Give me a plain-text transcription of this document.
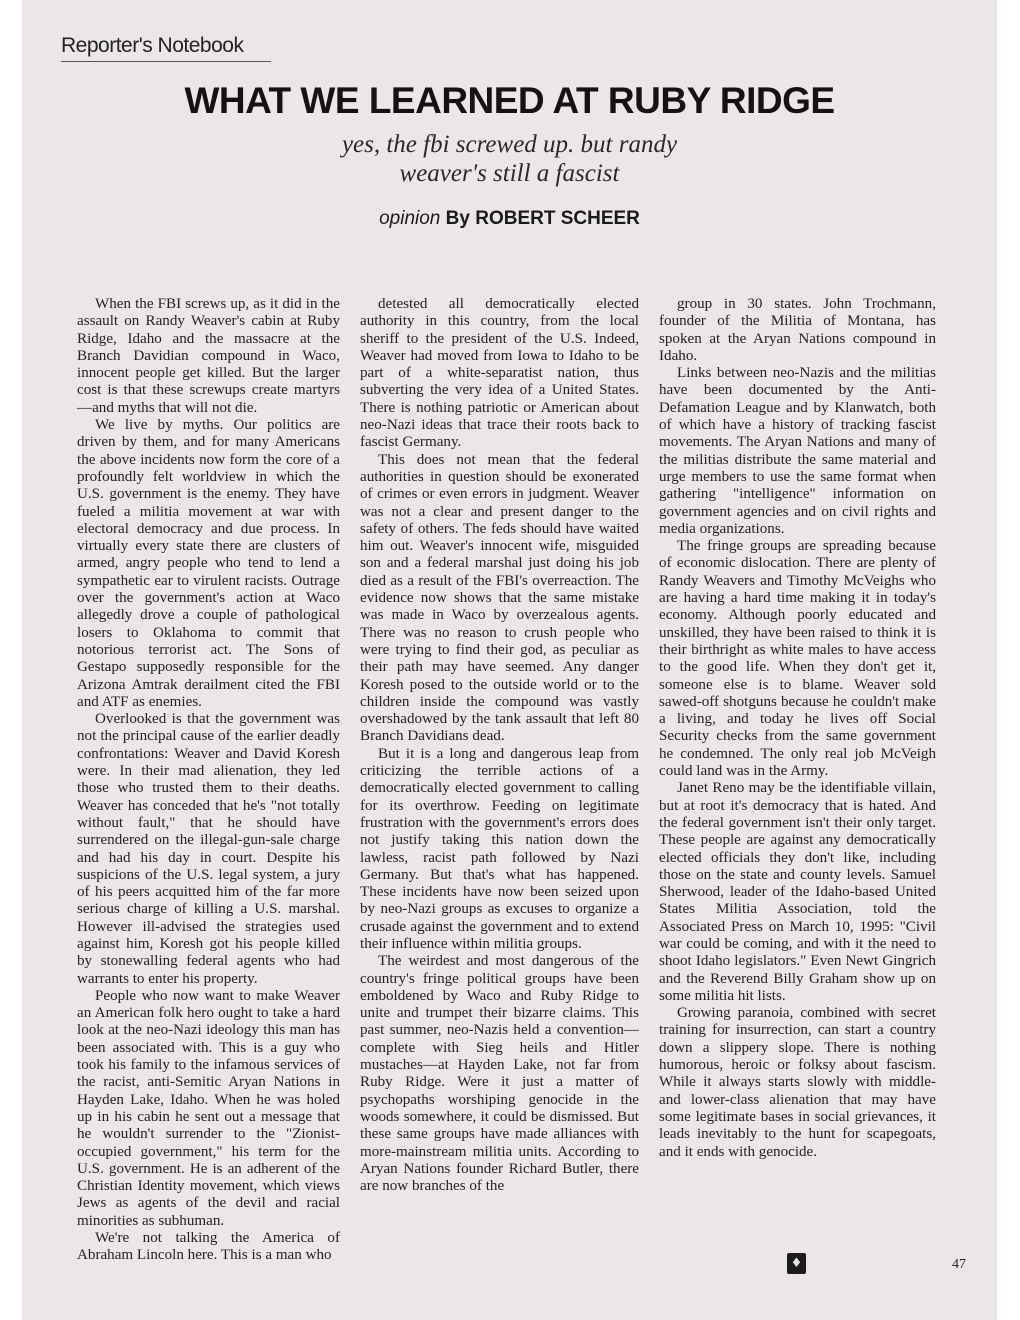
Reporter's Notebook
WHAT WE LEARNED AT RUBY RIDGE
yes, the fbi screwed up. but randy
weaver's still a fascist
opinion By ROBERT SCHEER

When the FBI screws up, as it did in the assault on Randy Weaver's cabin at Ruby Ridge, Idaho and the massacre at the Branch Davidian compound in Waco, innocent people get killed. But the larger cost is that these screwups create martyrs—and myths that will not die.

We live by myths. Our politics are driven by them, and for many Americans the above incidents now form the core of a profoundly felt worldview in which the U.S. government is the enemy. They have fueled a militia movement at war with electoral democracy and due process. In virtually every state there are clusters of armed, angry people who tend to lend a sympathetic ear to virulent racists. Outrage over the government's action at Waco allegedly drove a couple of pathological losers to Oklahoma to commit that notorious terrorist act. The Sons of Gestapo supposedly responsible for the Arizona Amtrak derailment cited the FBI and ATF as enemies.

Overlooked is that the government was not the principal cause of the earlier deadly confrontations: Weaver and David Koresh were. In their mad alienation, they led those who trusted them to their deaths. Weaver has conceded that he's "not totally without fault," that he should have surrendered on the illegal-gun-sale charge and had his day in court. Despite his suspicions of the U.S. legal system, a jury of his peers acquitted him of the far more serious charge of killing a U.S. marshal. However ill-advised the strategies used against him, Koresh got his people killed by stonewalling federal agents who had warrants to enter his property.

People who now want to make Weaver an American folk hero ought to take a hard look at the neo-Nazi ideology this man has been associated with. This is a guy who took his family to the infamous services of the racist, anti-Semitic Aryan Nations in Hayden Lake, Idaho. When he was holed up in his cabin he sent out a message that he wouldn't surrender to the "Zionist-occupied government," his term for the U.S. government. He is an adherent of the Christian Identity movement, which views Jews as agents of the devil and racial minorities as subhuman.

We're not talking the America of Abraham Lincoln here. This is a man who

detested all democratically elected authority in this country, from the local sheriff to the president of the U.S. Indeed, Weaver had moved from Iowa to Idaho to be part of a white-separatist nation, thus subverting the very idea of a United States. There is nothing patriotic or American about neo-Nazi ideas that trace their roots back to fascist Germany.

This does not mean that the federal authorities in question should be exonerated of crimes or even errors in judgment. Weaver was not a clear and present danger to the safety of others. The feds should have waited him out. Weaver's innocent wife, misguided son and a federal marshal just doing his job died as a result of the FBI's overreaction. The evidence now shows that the same mistake was made in Waco by overzealous agents. There was no reason to crush people who were trying to find their god, as peculiar as their path may have seemed. Any danger Koresh posed to the outside world or to the children inside the compound was vastly overshadowed by the tank assault that left 80 Branch Davidians dead.

But it is a long and dangerous leap from criticizing the terrible actions of a democratically elected government to calling for its overthrow. Feeding on legitimate frustration with the government's errors does not justify taking this nation down the lawless, racist path followed by Nazi Germany. But that's what has happened. These incidents have now been seized upon by neo-Nazi groups as excuses to organize a crusade against the government and to extend their influence within militia groups.

The weirdest and most dangerous of the country's fringe political groups have been emboldened by Waco and Ruby Ridge to unite and trumpet their bizarre claims. This past summer, neo-Nazis held a convention—complete with Sieg heils and Hitler mustaches—at Hayden Lake, not far from Ruby Ridge. Were it just a matter of psychopaths worshiping genocide in the woods somewhere, it could be dismissed. But these same groups have made alliances with more-mainstream militia units. According to Aryan Nations founder Richard Butler, there are now branches of the

group in 30 states. John Trochmann, founder of the Militia of Montana, has spoken at the Aryan Nations compound in Idaho.

Links between neo-Nazis and the militias have been documented by the Anti-Defamation League and by Klanwatch, both of which have a history of tracking fascist movements. The Aryan Nations and many of the militias distribute the same material and urge members to use the same format when gathering "intelligence" information on government agencies and on civil rights and media organizations.

The fringe groups are spreading because of economic dislocation. There are plenty of Randy Weavers and Timothy McVeighs who are having a hard time making it in today's economy. Although poorly educated and unskilled, they have been raised to think it is their birthright as white males to have access to the good life. When they don't get it, someone else is to blame. Weaver sold sawed-off shotguns because he couldn't make a living, and today he lives off Social Security checks from the same government he condemned. The only real job McVeigh could land was in the Army.

Janet Reno may be the identifiable villain, but at root it's democracy that is hated. And the federal government isn't their only target. These people are against any democratically elected officials they don't like, including those on the state and county levels. Samuel Sherwood, leader of the Idaho-based United States Militia Association, told the Associated Press on March 10, 1995: "Civil war could be coming, and with it the need to shoot Idaho legislators." Even Newt Gingrich and the Reverend Billy Graham show up on some militia hit lists.

Growing paranoia, combined with secret training for insurrection, can start a country down a slippery slope. There is nothing humorous, heroic or folksy about fascism. While it always starts slowly with middle- and lower-class alienation that may have some legitimate bases in social grievances, it leads inevitably to the hunt for scapegoats, and it ends with genocide.

♦	47
